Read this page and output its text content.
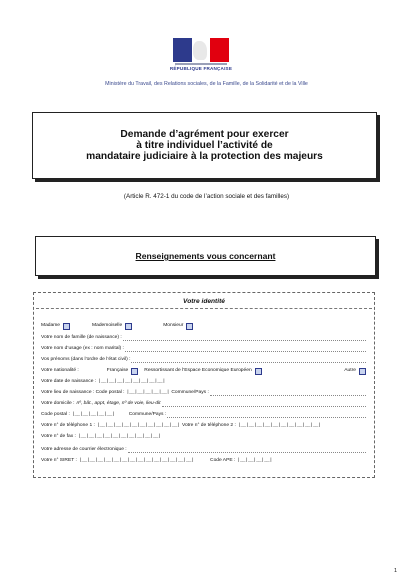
RÉPUBLIQUE FRANÇAISE
Ministère du Travail, des Relations sociales, de la Famille, de la Solidarité et de la Ville
Demande d’agrément pour exercer
à titre individuel l’activité de
mandataire judiciaire à la protection des majeurs
(Article R. 472-1 du code de l’action sociale et des familles)
Renseignements vous concernant
Votre identité
Madame	Mademoiselle	Monsieur
Votre nom de famille (de naissance) :
Votre nom d’usage (ex : nom marital) :
Vos prénoms (dans l’ordre de l’état civil) :
Votre nationalité :	Française	Ressortissant de l’Espace Economique Européen	Autre
Votre date de naissance : |__|__|__|__|__|__|__|__|
Votre lieu de naissance : Code postal : |__|__|__|__|__| Commune/Pays :
Votre domicile : nº, bât., appt, étage, nº de voie, lieu-dit
Code postal : |__|__|__|__|__|	Commune/Pays :
Votre n° de téléphone 1 : |__|__|__|__|__|__|__|__|__|__| Votre n° de téléphone 2 : |__|__|__|__|__|__|__|__|__|__|
Votre n° de fax : |__|__|__|__|__|__|__|__|__|__|
Votre adresse de courrier électronique :
Votre n° SIRET : |__|__|__|__|__|__|__|__|__|__|__|__|__|__|	Code APE : |__|__|__|__|
1
